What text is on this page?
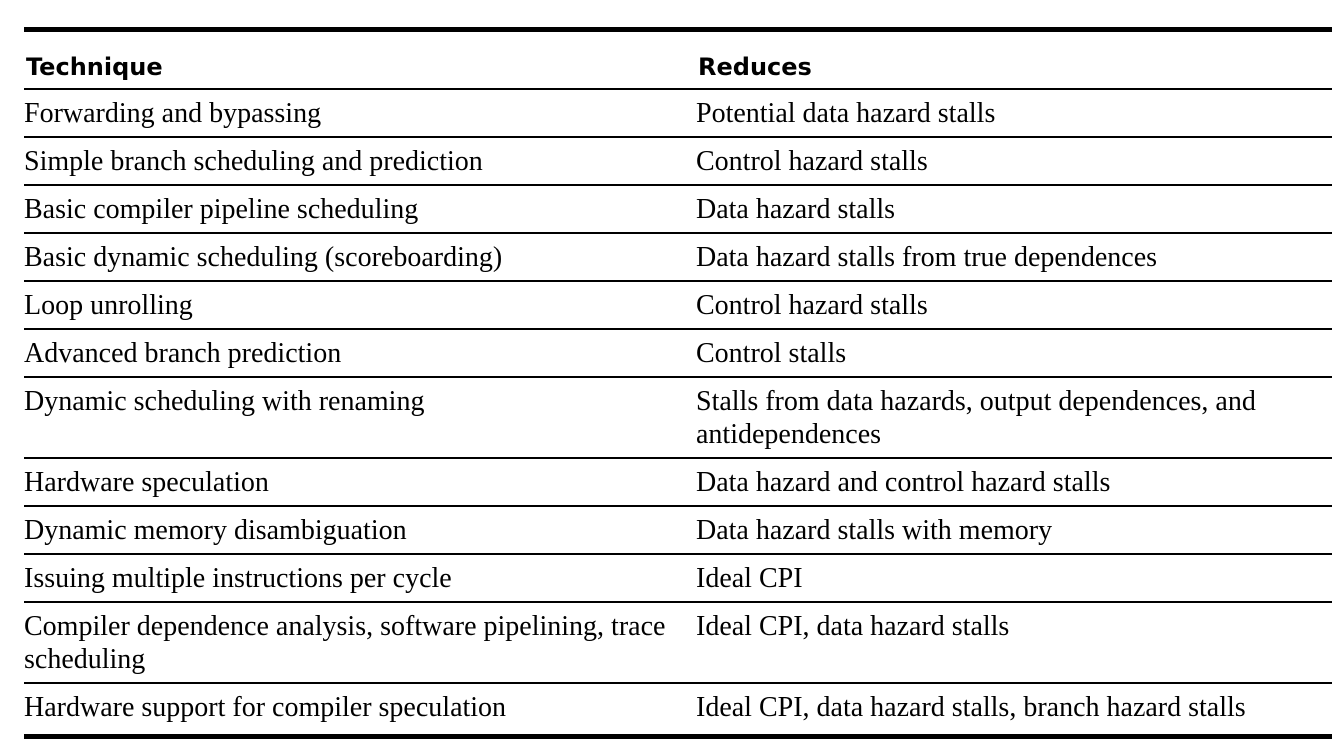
Technique	Reduces
Forwarding and bypassing	Potential data hazard stalls
Simple branch scheduling and prediction	Control hazard stalls
Basic compiler pipeline scheduling	Data hazard stalls
Basic dynamic scheduling (scoreboarding)	Data hazard stalls from true dependences
Loop unrolling	Control hazard stalls
Advanced branch prediction	Control stalls
Dynamic scheduling with renaming	Stalls from data hazards, output dependences, and antidependences
Hardware speculation	Data hazard and control hazard stalls
Dynamic memory disambiguation	Data hazard stalls with memory
Issuing multiple instructions per cycle	Ideal CPI
Compiler dependence analysis, software pipelining, trace scheduling	Ideal CPI, data hazard stalls
Hardware support for compiler speculation	Ideal CPI, data hazard stalls, branch hazard stalls
